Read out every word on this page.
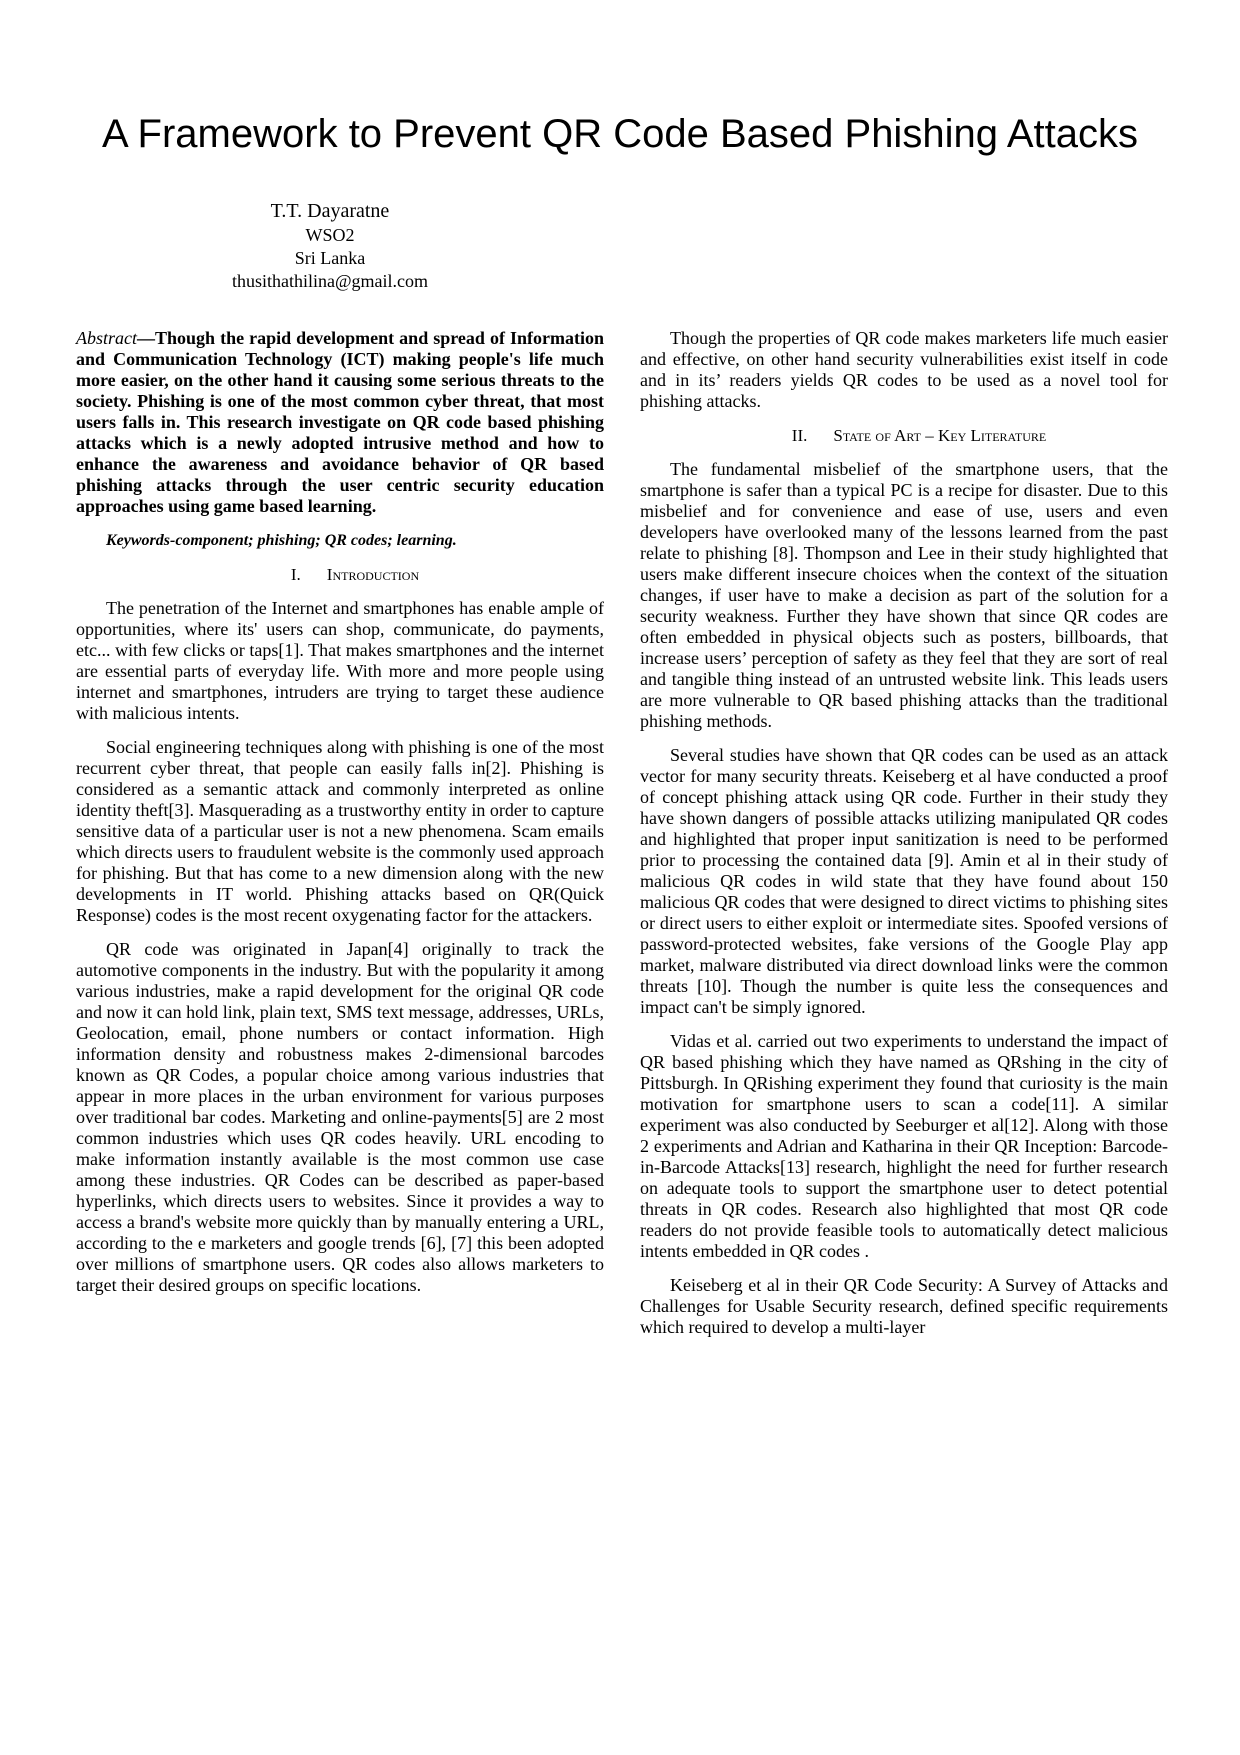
A Framework to Prevent QR Code Based Phishing Attacks
T.T. Dayaratne
WSO2
Sri Lanka
thusithathilina@gmail.com

Abstract—Though the rapid development and spread of Information and Communication Technology (ICT) making people's life much more easier, on the other hand it causing some serious threats to the society. Phishing is one of the most common cyber threat, that most users falls in. This research investigate on QR code based phishing attacks which is a newly adopted intrusive method and how to enhance the awareness and avoidance behavior of QR based phishing attacks through the user centric security education approaches using game based learning.

Keywords-component; phishing; QR codes; learning.

I. Introduction

The penetration of the Internet and smartphones has enable ample of opportunities, where its' users can shop, communicate, do payments, etc... with few clicks or taps[1]. That makes smartphones and the internet are essential parts of everyday life. With more and more people using internet and smartphones, intruders are trying to target these audience with malicious intents.

Social engineering techniques along with phishing is one of the most recurrent cyber threat, that people can easily falls in[2]. Phishing is considered as a semantic attack and commonly interpreted as online identity theft[3]. Masquerading as a trustworthy entity in order to capture sensitive data of a particular user is not a new phenomena. Scam emails which directs users to fraudulent website is the commonly used approach for phishing. But that has come to a new dimension along with the new developments in IT world. Phishing attacks based on QR(Quick Response) codes is the most recent oxygenating factor for the attackers.

QR code was originated in Japan[4] originally to track the automotive components in the industry. But with the popularity it among various industries, make a rapid development for the original QR code and now it can hold link, plain text, SMS text message, addresses, URLs, Geolocation, email, phone numbers or contact information. High information density and robustness makes 2-dimensional barcodes known as QR Codes, a popular choice among various industries that appear in more places in the urban environment for various purposes over traditional bar codes. Marketing and online-payments[5] are 2 most common industries which uses QR codes heavily. URL encoding to make information instantly available is the most common use case among these industries. QR Codes can be described as paper-based hyperlinks, which directs users to websites. Since it provides a way to access a brand's website more quickly than by manually entering a URL, according to the e marketers and google trends [6], [7] this been adopted over millions of smartphone users. QR codes also allows marketers to target their desired groups on specific locations.

Though the properties of QR code makes marketers life much easier and effective, on other hand security vulnerabilities exist itself in code and in its’ readers yields QR codes to be used as a novel tool for phishing attacks.

II. State of Art – Key Literature

The fundamental misbelief of the smartphone users, that the smartphone is safer than a typical PC is a recipe for disaster. Due to this misbelief and for convenience and ease of use, users and even developers have overlooked many of the lessons learned from the past relate to phishing [8]. Thompson and Lee in their study highlighted that users make different insecure choices when the context of the situation changes, if user have to make a decision as part of the solution for a security weakness. Further they have shown that since QR codes are often embedded in physical objects such as posters, billboards, that increase users’ perception of safety as they feel that they are sort of real and tangible thing instead of an untrusted website link. This leads users are more vulnerable to QR based phishing attacks than the traditional phishing methods.

Several studies have shown that QR codes can be used as an attack vector for many security threats. Keiseberg et al have conducted a proof of concept phishing attack using QR code. Further in their study they have shown dangers of possible attacks utilizing manipulated QR codes and highlighted that proper input sanitization is need to be performed prior to processing the contained data [9]. Amin et al in their study of malicious QR codes in wild state that they have found about 150 malicious QR codes that were designed to direct victims to phishing sites or direct users to either exploit or intermediate sites. Spoofed versions of password-protected websites, fake versions of the Google Play app market, malware distributed via direct download links were the common threats [10]. Though the number is quite less the consequences and impact can't be simply ignored.

Vidas et al. carried out two experiments to understand the impact of QR based phishing which they have named as QRshing in the city of Pittsburgh. In QRishing experiment they found that curiosity is the main motivation for smartphone users to scan a code[11]. A similar experiment was also conducted by Seeburger et al[12]. Along with those 2 experiments and Adrian and Katharina in their QR Inception: Barcode-in-Barcode Attacks[13] research, highlight the need for further research on adequate tools to support the smartphone user to detect potential threats in QR codes. Research also highlighted that most QR code readers do not provide feasible tools to automatically detect malicious intents embedded in QR codes .

Keiseberg et al in their QR Code Security: A Survey of Attacks and Challenges for Usable Security research, defined specific requirements which required to develop a multi-layer
